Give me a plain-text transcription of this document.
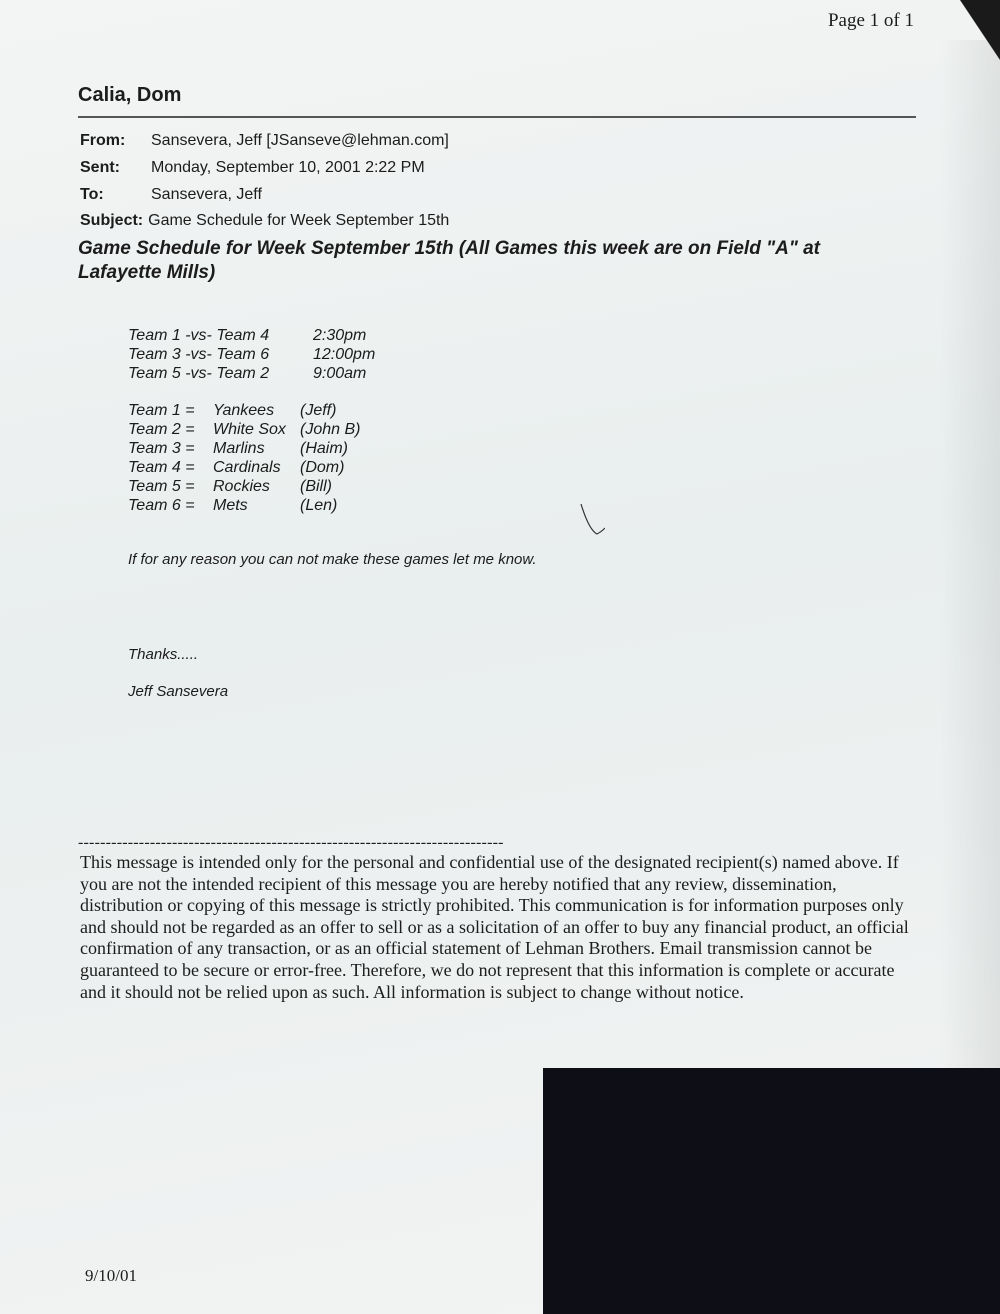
Page 1 of 1
Calia, Dom
From: Sansevera, Jeff [JSanseve@lehman.com]
Sent: Monday, September 10, 2001 2:22 PM
To:	Sansevera, Jeff
Subject: Game Schedule for Week September 15th
Game Schedule for Week September 15th (All Games this week are on Field "A" at Lafayette Mills)
Team 1 -vs- Team 4	2:30pm
Team 3 -vs- Team 6	12:00pm
Team 5 -vs- Team 2	9:00am
Team 1 = Yankees (Jeff)
Team 2 = White Sox (John B)
Team 3 = Marlins (Haim)
Team 4 = Cardinals (Dom)
Team 5 = Rockies (Bill)
Team 6 = Mets	(Len)
If for any reason you can not make these games let me know.
Thanks.....
Jeff Sansevera
-----------------------------------------------------------------------------
This message is intended only for the personal and confidential use of the designated recipient(s) named above. If you are not the intended recipient of this message you are hereby notified that any review, dissemination, distribution or copying of this message is strictly prohibited. This communication is for information purposes only and should not be regarded as an offer to sell or as a solicitation of an offer to buy any financial product, an official confirmation of any transaction, or as an official statement of Lehman Brothers. Email transmission cannot be guaranteed to be secure or error-free. Therefore, we do not represent that this information is complete or accurate and it should not be relied upon as such. All information is subject to change without notice.
9/10/01
